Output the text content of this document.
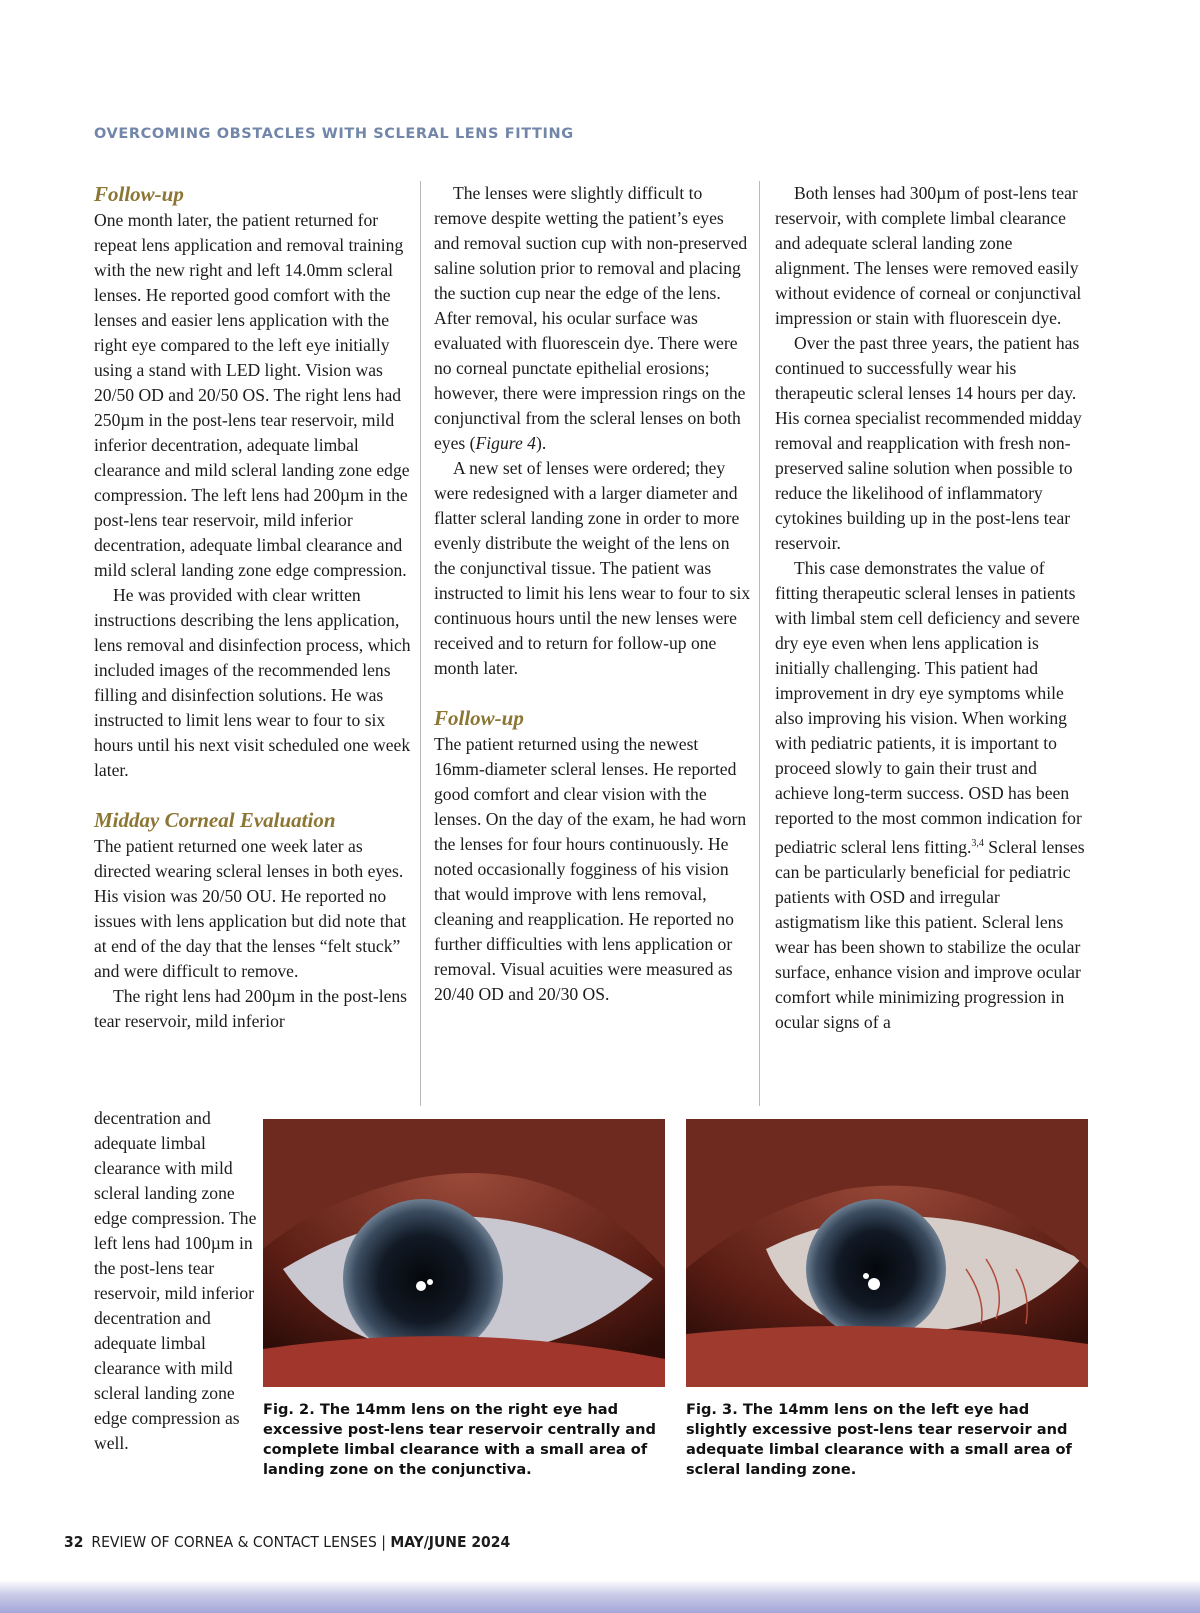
OVERCOMING OBSTACLES WITH SCLERAL LENS FITTING
Follow-up

One month later, the patient returned for repeat lens application and removal training with the new right and left 14.0mm scleral lenses. He reported good comfort with the lenses and easier lens application with the right eye compared to the left eye initially using a stand with LED light. Vision was 20/50 OD and 20/50 OS. The right lens had 250µm in the post-lens tear reservoir, mild inferior decentration, adequate limbal clearance and mild scleral landing zone edge compression. The left lens had 200µm in the post-lens tear reservoir, mild inferior decentration, adequate limbal clearance and mild scleral landing zone edge compression.

He was provided with clear written instructions describing the lens application, lens removal and disinfection process, which included images of the recommended lens filling and disinfection solutions. He was instructed to limit lens wear to four to six hours until his next visit scheduled one week later.

Midday Corneal Evaluation

The patient returned one week later as directed wearing scleral lenses in both eyes. His vision was 20/50 OU. He reported no issues with lens application but did note that at end of the day that the lenses “felt stuck” and were difficult to remove.

The right lens had 200µm in the post-lens tear reservoir, mild inferior

decentration and adequate limbal clearance with mild scleral landing zone edge compression. The left lens had 100µm in the post-lens tear reservoir, mild inferior decentration and adequate limbal clearance with mild scleral landing zone edge compression as well.

The lenses were slightly difficult to remove despite wetting the patient’s eyes and removal suction cup with non-preserved saline solution prior to removal and placing the suction cup near the edge of the lens. After removal, his ocular surface was evaluated with fluorescein dye. There were no corneal punctate epithelial erosions; however, there were impression rings on the conjunctival from the scleral lenses on both eyes (Figure 4).

A new set of lenses were ordered; they were redesigned with a larger diameter and flatter scleral landing zone in order to more evenly distribute the weight of the lens on the conjunctival tissue. The patient was instructed to limit his lens wear to four to six continuous hours until the new lenses were received and to return for follow-up one month later.

Follow-up

The patient returned using the newest 16mm-diameter scleral lenses. He reported good comfort and clear vision with the lenses. On the day of the exam, he had worn the lenses for four hours continuously. He noted occasionally fogginess of his vision that would improve with lens removal, cleaning and reapplication. He reported no further difficulties with lens application or removal. Visual acuities were measured as 20/40 OD and 20/30 OS.

Both lenses had 300µm of post-lens tear reservoir, with complete limbal clearance and adequate scleral landing zone alignment. The lenses were removed easily without evidence of corneal or conjunctival impression or stain with fluorescein dye.

Over the past three years, the patient has continued to successfully wear his therapeutic scleral lenses 14 hours per day. His cornea specialist recommended midday removal and reapplication with fresh non-preserved saline solution when possible to reduce the likelihood of inflammatory cytokines building up in the post-lens tear reservoir.

This case demonstrates the value of fitting therapeutic scleral lenses in patients with limbal stem cell deficiency and severe dry eye even when lens application is initially challenging. This patient had improvement in dry eye symptoms while also improving his vision. When working with pediatric patients, it is important to proceed slowly to gain their trust and achieve long-term success. OSD has been reported to the most common indication for pediatric scleral lens fitting.$^{3,4}$ Scleral lenses can be particularly beneficial for pediatric patients with OSD and irregular astigmatism like this patient. Scleral lens wear has been shown to stabilize the ocular surface, enhance vision and improve ocular comfort while minimizing progression in ocular signs of a

Fig. 2. The 14mm lens on the right eye had excessive post-lens tear reservoir centrally and complete limbal clearance with a small area of landing zone on the conjunctiva.
Fig. 3. The 14mm lens on the left eye had slightly excessive post-lens tear reservoir and adequate limbal clearance with a small area of scleral landing zone.
32 REVIEW OF CORNEA & CONTACT LENSES | MAY/JUNE 2024
